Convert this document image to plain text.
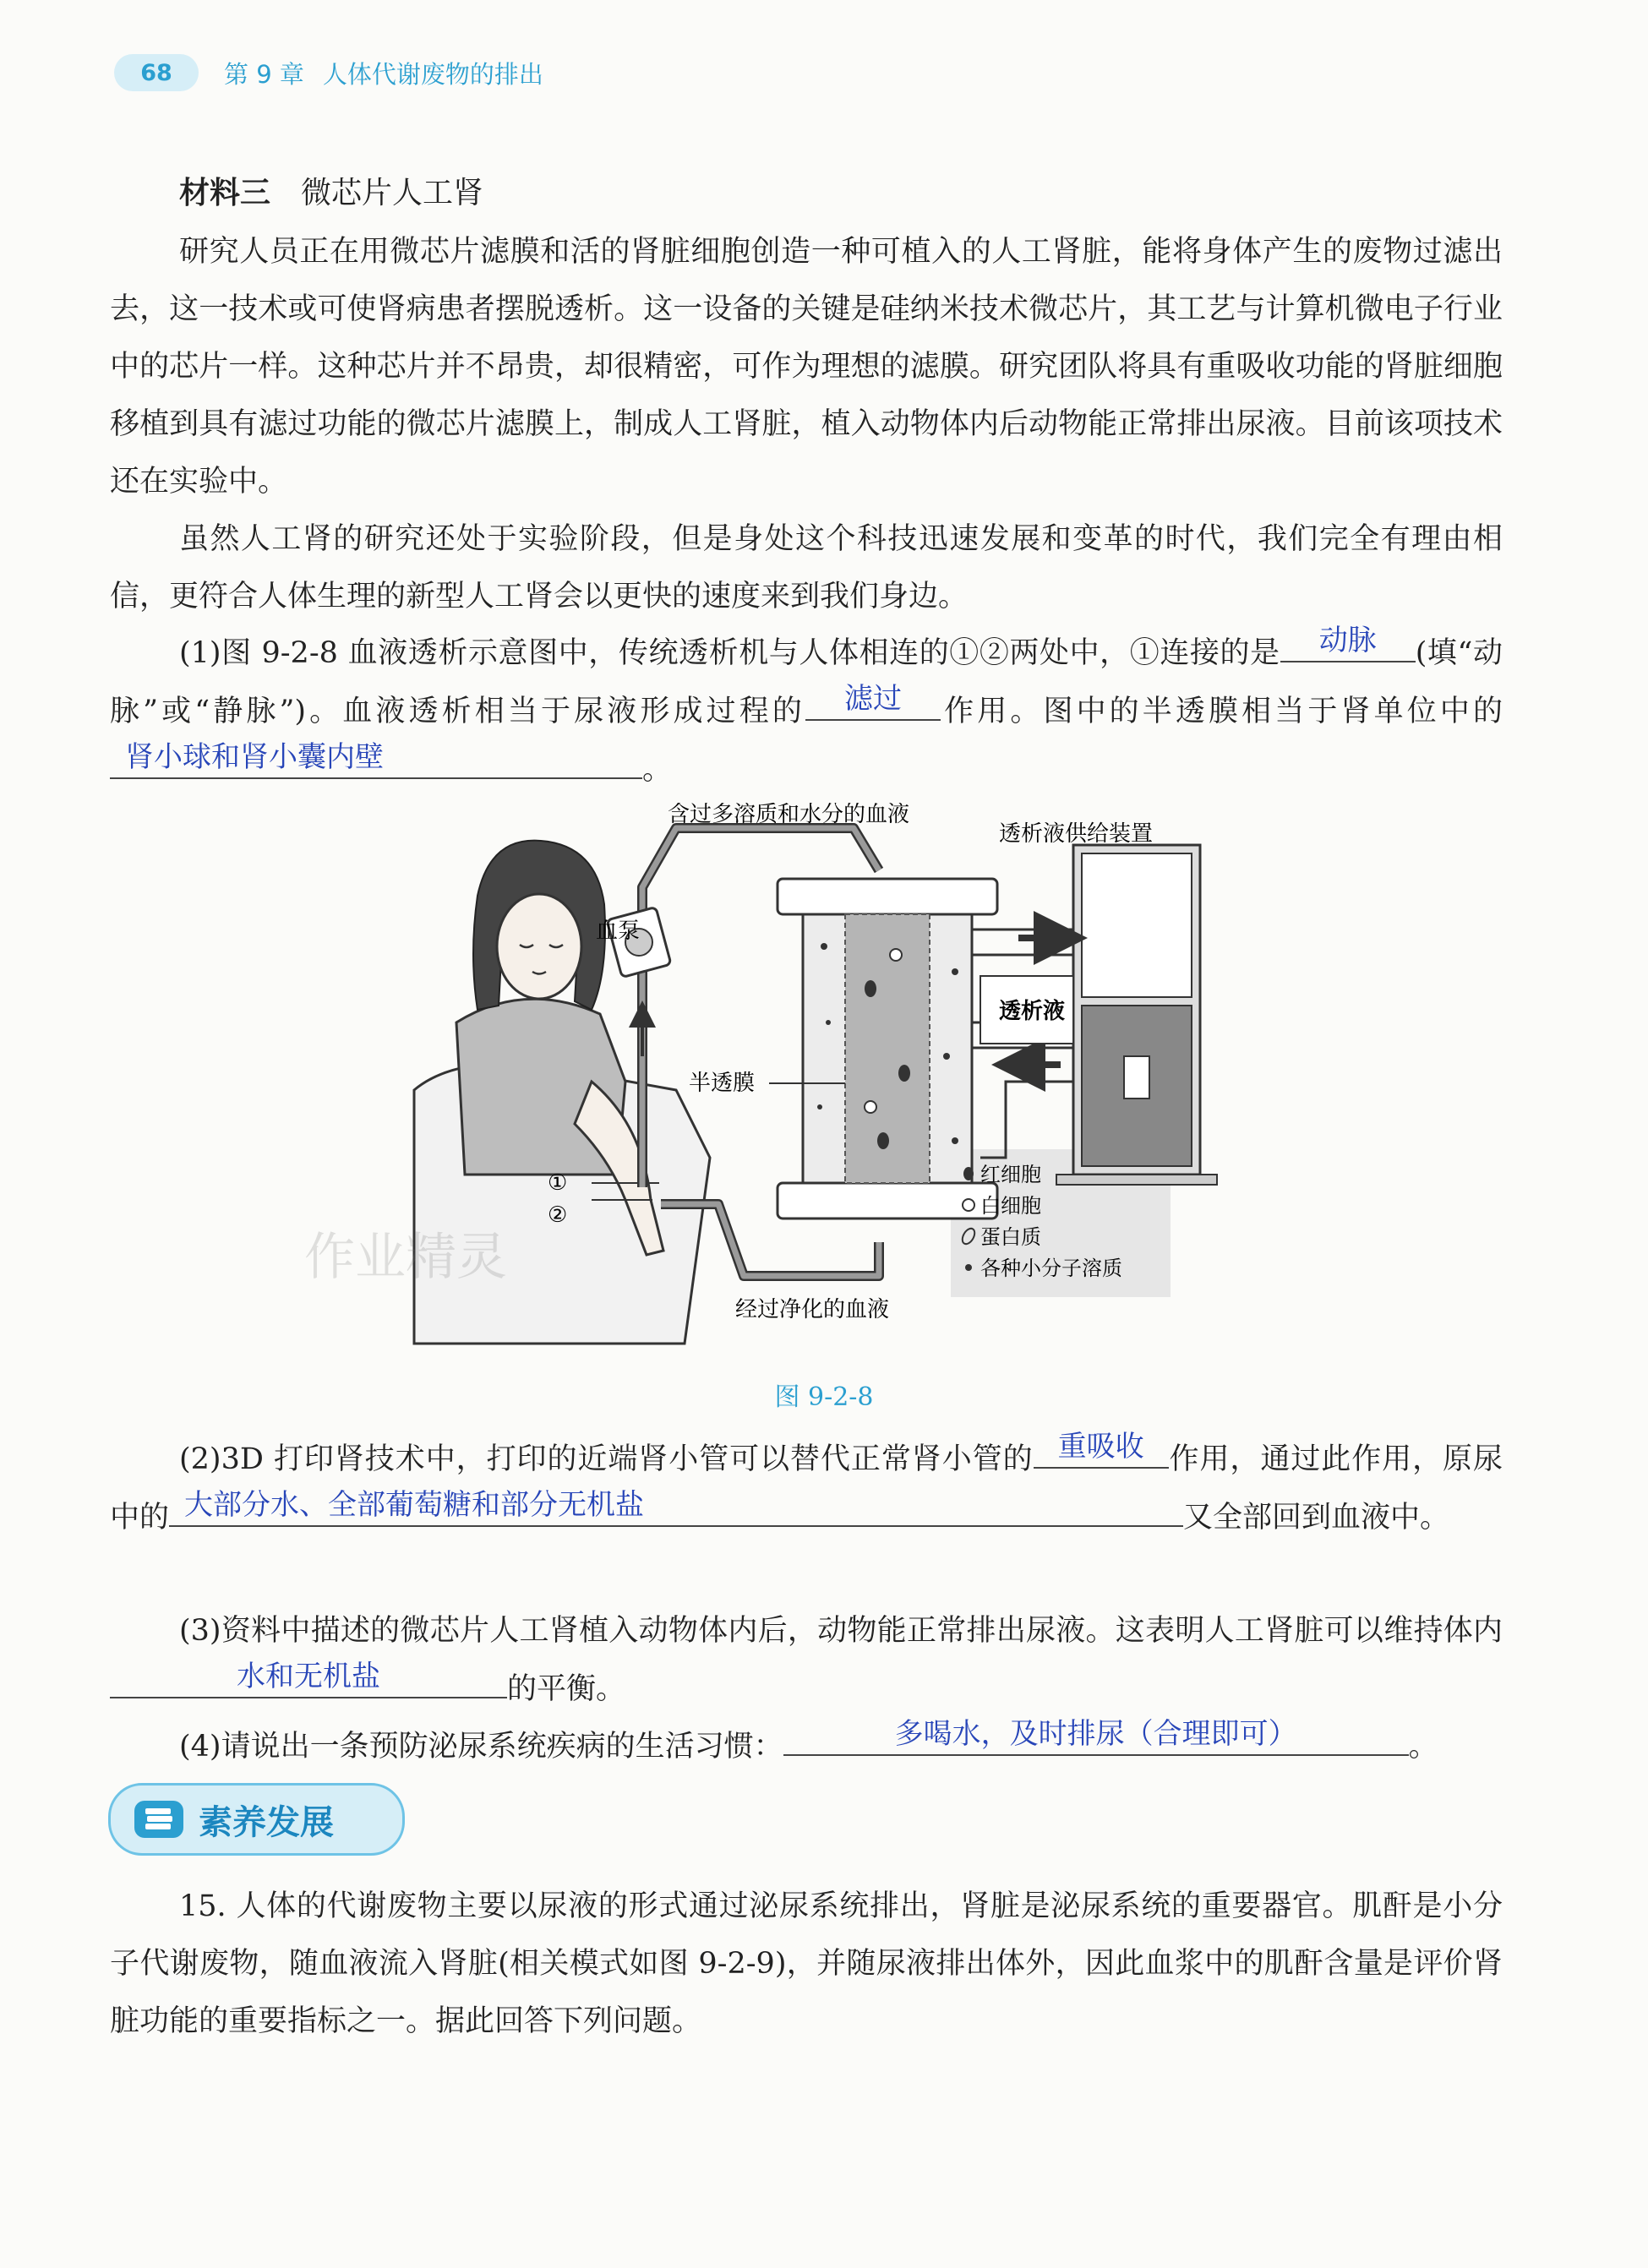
68	第 9 章 人体代谢废物的排出
材料三 微芯片人工肾

研究人员正在用微芯片滤膜和活的肾脏细胞创造一种可植入的人工肾脏，能将身体产生的废物过滤出去，这一技术或可使肾病患者摆脱透析。这一设备的关键是硅纳米技术微芯片，其工艺与计算机微电子行业中的芯片一样。这种芯片并不昂贵，却很精密，可作为理想的滤膜。研究团队将具有重吸收功能的肾脏细胞移植到具有滤过功能的微芯片滤膜上，制成人工肾脏，植入动物体内后动物能正常排出尿液。目前该项技术还在实验中。

虽然人工肾的研究还处于实验阶段，但是身处这个科技迅速发展和变革的时代，我们完全有理由相信，更符合人体生理的新型人工肾会以更快的速度来到我们身边。

(1)图 9-2-8 血液透析示意图中，传统透析机与人体相连的①②两处中，①连接的是	动脉	(填“动脉”或“静脉”)。血液透析相当于尿液形成过程的	滤过	作用。图中的半透膜相当于肾单位中的
肾小球和肾小囊内壁	。

含过多溶质和水分的血液
透析液供给装置
血泵
透析液
半透膜
①
②
经过净化的血液
红细胞
白细胞
蛋白质
各种小分子溶质
图 9-2-8

(2)3D 打印肾技术中，打印的近端肾小管可以替代正常肾小管的 重吸收 作用，通过此作用，原尿中的 大部分水、全部葡萄糖和部分无机盐	又全部回到血液中。

(3)资料中描述的微芯片人工肾植入动物体内后，动物能正常排出尿液。这表明人工肾脏可以维持体内
水和无机盐	的平衡。

(4)请说出一条预防泌尿系统疾病的生活习惯：	多喝水，及时排尿（合理即可）	。

素养发展

15. 人体的代谢废物主要以尿液的形式通过泌尿系统排出，肾脏是泌尿系统的重要器官。肌酐是小分子代谢废物，随血液流入肾脏(相关模式如图 9-2-9)，并随尿液排出体外，因此血浆中的肌酐含量是评价肾脏功能的重要指标之一。据此回答下列问题。

作业精灵
